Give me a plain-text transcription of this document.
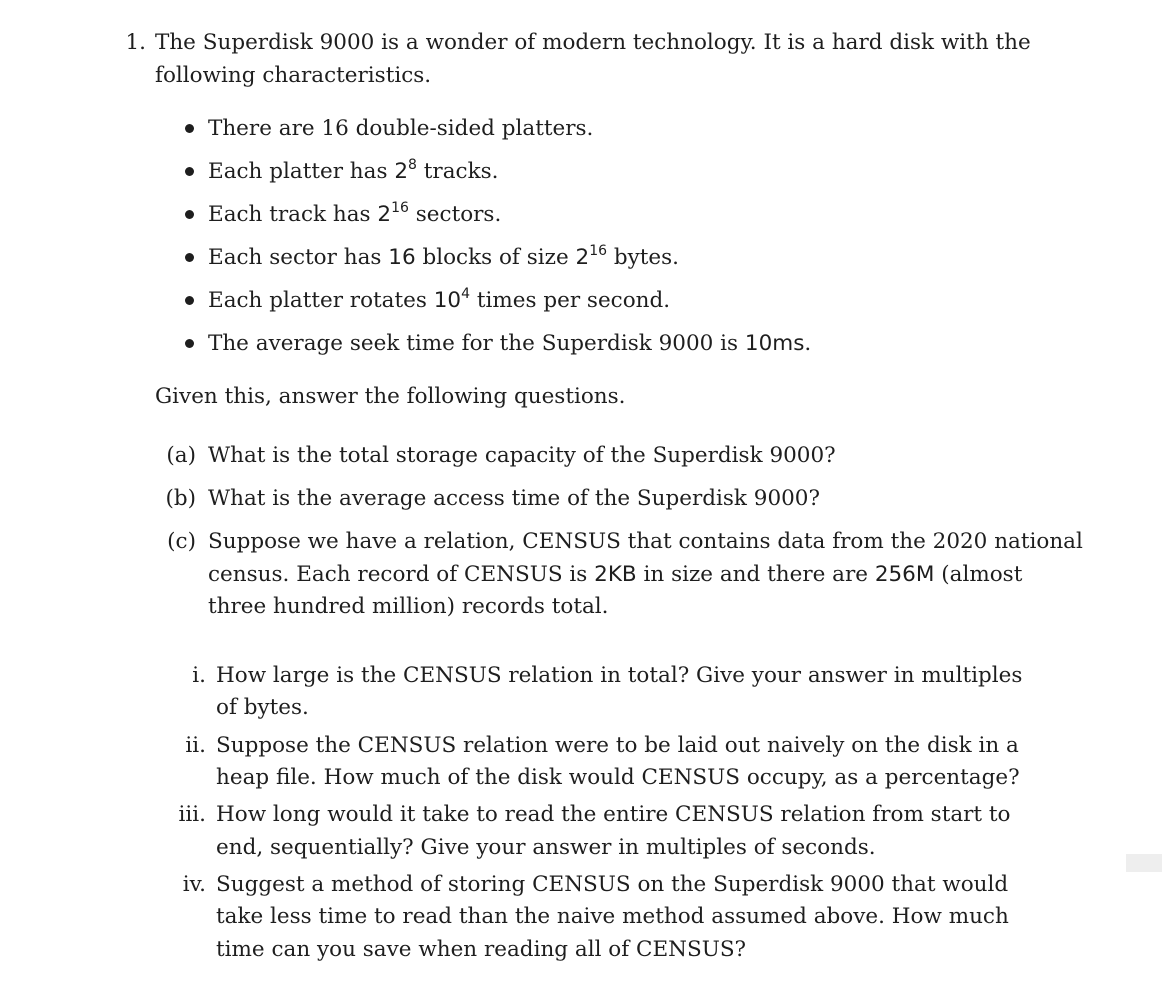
1. The Superdisk 9000 is a wonder of modern technology. It is a hard disk with the
following characteristics.
There are 16 double-sided platters.
Each platter has $2^8$ tracks.
Each track has $2^{16}$ sectors.
Each sector has 16 blocks of size $2^{16}$ bytes.
Each platter rotates $10^4$ times per second.
The average seek time for the Superdisk 9000 is 10ms.
Given this, answer the following questions.
(a) What is the total storage capacity of the Superdisk 9000?
(b) What is the average access time of the Superdisk 9000?
(c) Suppose we have a relation, CENSUS that contains data from the 2020 national
census. Each record of CENSUS is 2KB in size and there are 256M (almost
three hundred million) records total.
i. How large is the CENSUS relation in total? Give your answer in multiples
of bytes.
ii. Suppose the CENSUS relation were to be laid out naively on the disk in a
heap file. How much of the disk would CENSUS occupy, as a percentage?
iii. How long would it take to read the entire CENSUS relation from start to
end, sequentially? Give your answer in multiples of seconds.
iv. Suggest a method of storing CENSUS on the Superdisk 9000 that would
take less time to read than the naive method assumed above. How much
time can you save when reading all of CENSUS?
